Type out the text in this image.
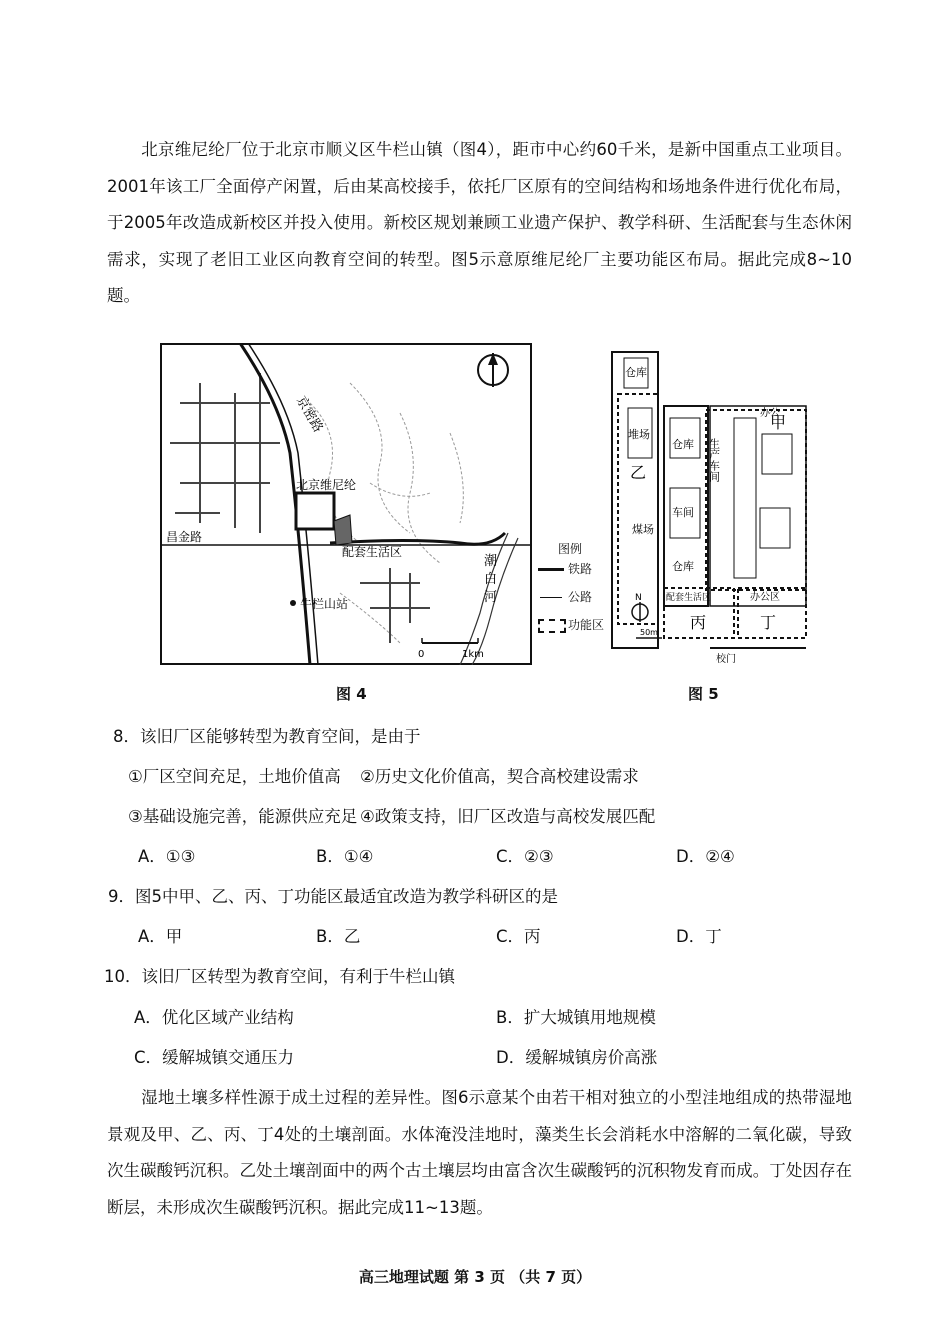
北京维尼纶厂位于北京市顺义区牛栏山镇（图4），距市中心约60千米，是新中国重点工业项目。2001年该工厂全面停产闲置，后由某高校接手，依托厂区原有的空间结构和场地条件进行优化布局，于2005年改造成新校区并投入使用。新校区规划兼顾工业遗产保护、教学科研、生活配套与生态休闲需求，实现了老旧工业区向教育空间的转型。图5示意原维尼纶厂主要功能区布局。据此完成8~10题。

京密路
北京维尼纶
配套生活区
昌金路
潮
白
河
牛栏山站
0	1km
图例
铁路
公路
功能区
仓库
堆场
乙
煤场
仓库
车间
仓库
生产车间
甲
办公
配套生活区
丙
办公区
丁
校门
N
50m
图 4	图 5
8．该旧厂区能够转型为教育空间，是由于
①厂区空间充足，土地价值高 ②历史文化价值高，契合高校建设需求
③基础设施完善，能源供应充足 ④政策支持，旧厂区改造与高校发展匹配
A．①③	B．①④	C．②③	D．②④
9．图5中甲、乙、丙、丁功能区最适宜改造为教学科研区的是
A．甲	B．乙	C．丙	D．丁
10．该旧厂区转型为教育空间，有利于牛栏山镇
A．优化区域产业结构	B．扩大城镇用地规模
C．缓解城镇交通压力	D．缓解城镇房价高涨

湿地土壤多样性源于成土过程的差异性。图6示意某个由若干相对独立的小型洼地组成的热带湿地景观及甲、乙、丙、丁4处的土壤剖面。水体淹没洼地时，藻类生长会消耗水中溶解的二氧化碳，导致次生碳酸钙沉积。乙处土壤剖面中的两个古土壤层均由富含次生碳酸钙的沉积物发育而成。丁处因存在断层，未形成次生碳酸钙沉积。据此完成11~13题。

高三地理试题 第 3 页 （共 7 页）
